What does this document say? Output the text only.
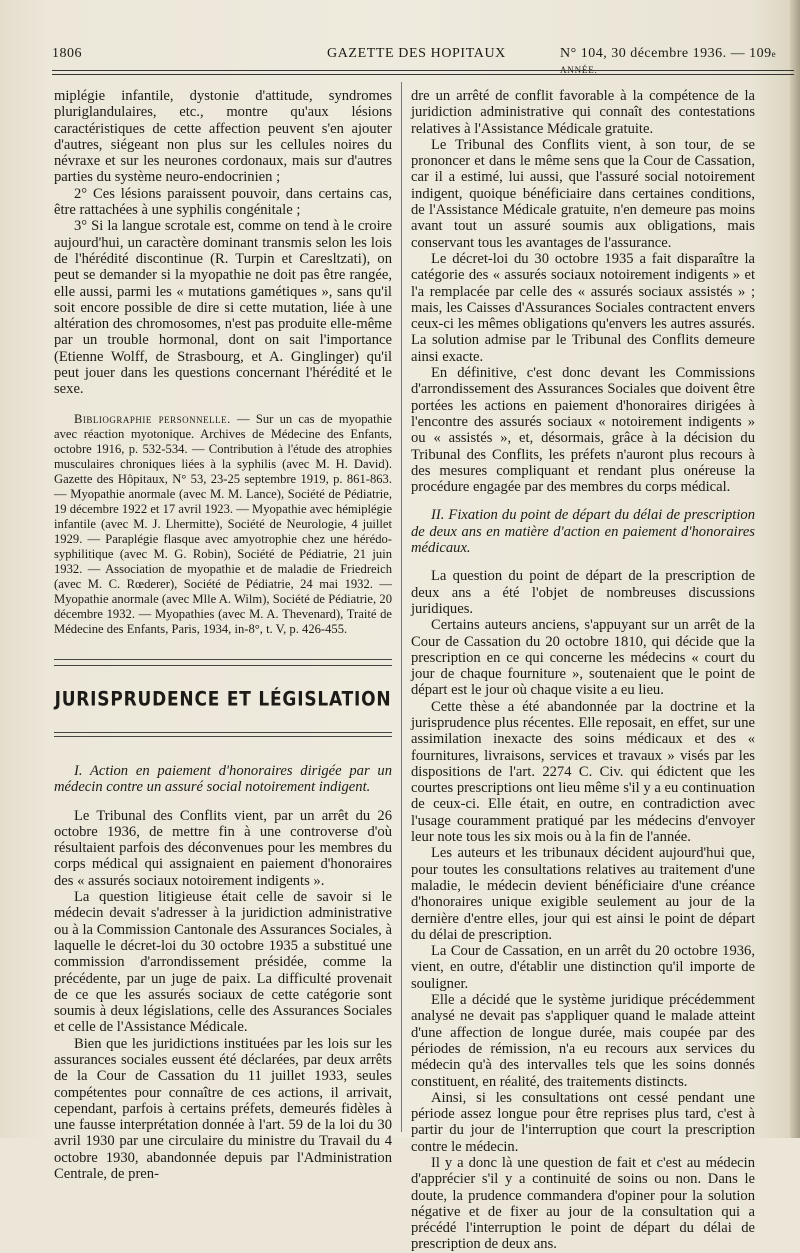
1806	GAZETTE DES HOPITAUX	N° 104, 30 décembre 1936. — 109e ANNÉE.

miplégie infantile, dystonie d'attitude, syndromes pluriglandulaires, etc., montre qu'aux lésions caractéristiques de cette affection peuvent s'en ajouter d'autres, siégeant non plus sur les cellules noires du névraxe et sur les neurones cordonaux, mais sur d'autres parties du système neuro-endocrinien ;

2° Ces lésions paraissent pouvoir, dans certains cas, être rattachées à une syphilis congénitale ;

3° Si la langue scrotale est, comme on tend à le croire aujourd'hui, un caractère dominant transmis selon les lois de l'hérédité discontinue (R. Turpin et Caresltzati), on peut se demander si la myopathie ne doit pas être rangée, elle aussi, parmi les « mutations gamétiques », sans qu'il soit encore possible de dire si cette mutation, liée à une altération des chromosomes, n'est pas produite elle-même par un trouble hormonal, dont on sait l'importance (Etienne Wolff, de Strasbourg, et A. Ginglinger) qu'il peut jouer dans les questions concernant l'hérédité et le sexe.

Bibliographie personnelle. — Sur un cas de myopathie avec réaction myotonique. Archives de Médecine des Enfants, octobre 1916, p. 532-534. — Contribution à l'étude des atrophies musculaires chroniques liées à la syphilis (avec M. H. David). Gazette des Hôpitaux, N° 53, 23-25 septembre 1919, p. 861-863. — Myopathie anormale (avec M. M. Lance), Société de Pédiatrie, 19 décembre 1922 et 17 avril 1923. — Myopathie avec hémiplégie infantile (avec M. J. Lhermitte), Société de Neurologie, 4 juillet 1929. — Paraplégie flasque avec amyotrophie chez une hérédo-syphilitique (avec M. G. Robin), Société de Pédiatrie, 21 juin 1932. — Association de myopathie et de maladie de Friedreich (avec M. C. Rœderer), Société de Pédiatrie, 24 mai 1932. — Myopathie anormale (avec Mlle A. Wilm), Société de Pédiatrie, 20 décembre 1932. — Myopathies (avec M. A. Thevenard), Traité de Médecine des Enfants, Paris, 1934, in-8°, t. V, p. 426-455.

JURISPRUDENCE ET LÉGISLATION

I. Action en paiement d'honoraires dirigée par un médecin contre un assuré social notoirement indigent.

Le Tribunal des Conflits vient, par un arrêt du 26 octobre 1936, de mettre fin à une controverse d'où résultaient parfois des déconvenues pour les membres du corps médical qui assignaient en paiement d'honoraires des « assurés sociaux notoirement indigents ».

La question litigieuse était celle de savoir si le médecin devait s'adresser à la juridiction administrative ou à la Commission Cantonale des Assurances Sociales, à laquelle le décret-loi du 30 octobre 1935 a substitué une commission d'arrondissement présidée, comme la précédente, par un juge de paix. La difficulté provenait de ce que les assurés sociaux de cette catégorie sont soumis à deux législations, celle des Assurances Sociales et celle de l'Assistance Médicale.

Bien que les juridictions instituées par les lois sur les assurances sociales eussent été déclarées, par deux arrêts de la Cour de Cassation du 11 juillet 1933, seules compétentes pour connaître de ces actions, il arrivait, cependant, parfois à certains préfets, demeurés fidèles à une fausse interprétation donnée à l'art. 59 de la loi du 30 avril 1930 par une circulaire du ministre du Travail du 4 octobre 1930, abandonnée depuis par l'Administration Centrale, de pren-

dre un arrêté de conflit favorable à la compétence de la juridiction administrative qui connaît des contestations relatives à l'Assistance Médicale gratuite.

Le Tribunal des Conflits vient, à son tour, de se prononcer et dans le même sens que la Cour de Cassation, car il a estimé, lui aussi, que l'assuré social notoirement indigent, quoique bénéficiaire dans certaines conditions, de l'Assistance Médicale gratuite, n'en demeure pas moins avant tout un assuré soumis aux obligations, mais conservant tous les avantages de l'assurance.

Le décret-loi du 30 octobre 1935 a fait disparaître la catégorie des « assurés sociaux notoirement indigents » et l'a remplacée par celle des « assurés sociaux assistés » ; mais, les Caisses d'Assurances Sociales contractent envers ceux-ci les mêmes obligations qu'envers les autres assurés. La solution admise par le Tribunal des Conflits demeure ainsi exacte.

En définitive, c'est donc devant les Commissions d'arrondissement des Assurances Sociales que doivent être portées les actions en paiement d'honoraires dirigées à l'encontre des assurés sociaux « notoirement indigents » ou « assistés », et, désormais, grâce à la décision du Tribunal des Conflits, les préfets n'auront plus recours à des mesures compliquant et rendant plus onéreuse la procédure engagée par des membres du corps médical.

II. Fixation du point de départ du délai de prescription de deux ans en matière d'action en paiement d'honoraires médicaux.

La question du point de départ de la prescription de deux ans a été l'objet de nombreuses discussions juridiques.

Certains auteurs anciens, s'appuyant sur un arrêt de la Cour de Cassation du 20 octobre 1810, qui décide que la prescription en ce qui concerne les médecins « court du jour de chaque fourniture », soutenaient que le point de départ est le jour où chaque visite a eu lieu.

Cette thèse a été abandonnée par la doctrine et la jurisprudence plus récentes. Elle reposait, en effet, sur une assimilation inexacte des soins médicaux et des « fournitures, livraisons, services et travaux » visés par les dispositions de l'art. 2274 C. Civ. qui édictent que les courtes prescriptions ont lieu même s'il y a eu continuation de ceux-ci. Elle était, en outre, en contradiction avec l'usage couramment pratiqué par les médecins d'envoyer leur note tous les six mois ou à la fin de l'année.

Les auteurs et les tribunaux décident aujourd'hui que, pour toutes les consultations relatives au traitement d'une maladie, le médecin devient bénéficiaire d'une créance d'honoraires unique exigible seulement au jour de la dernière d'entre elles, jour qui est ainsi le point de départ du délai de prescription.

La Cour de Cassation, en un arrêt du 20 octobre 1936, vient, en outre, d'établir une distinction qu'il importe de souligner.

Elle a décidé que le système juridique précédemment analysé ne devait pas s'appliquer quand le malade atteint d'une affection de longue durée, mais coupée par des périodes de rémission, n'a eu recours aux services du médecin qu'à des intervalles tels que les soins donnés constituent, en réalité, des traitements distincts.

Ainsi, si les consultations ont cessé pendant une période assez longue pour être reprises plus tard, c'est à partir du jour de l'interruption que court la prescription contre le médecin.

Il y a donc là une question de fait et c'est au médecin d'apprécier s'il y a continuité de soins ou non. Dans le doute, la prudence commandera d'opiner pour la solution négative et de fixer au jour de la consultation qui a précédé l'interruption le point de départ du délai de prescription de deux ans.
